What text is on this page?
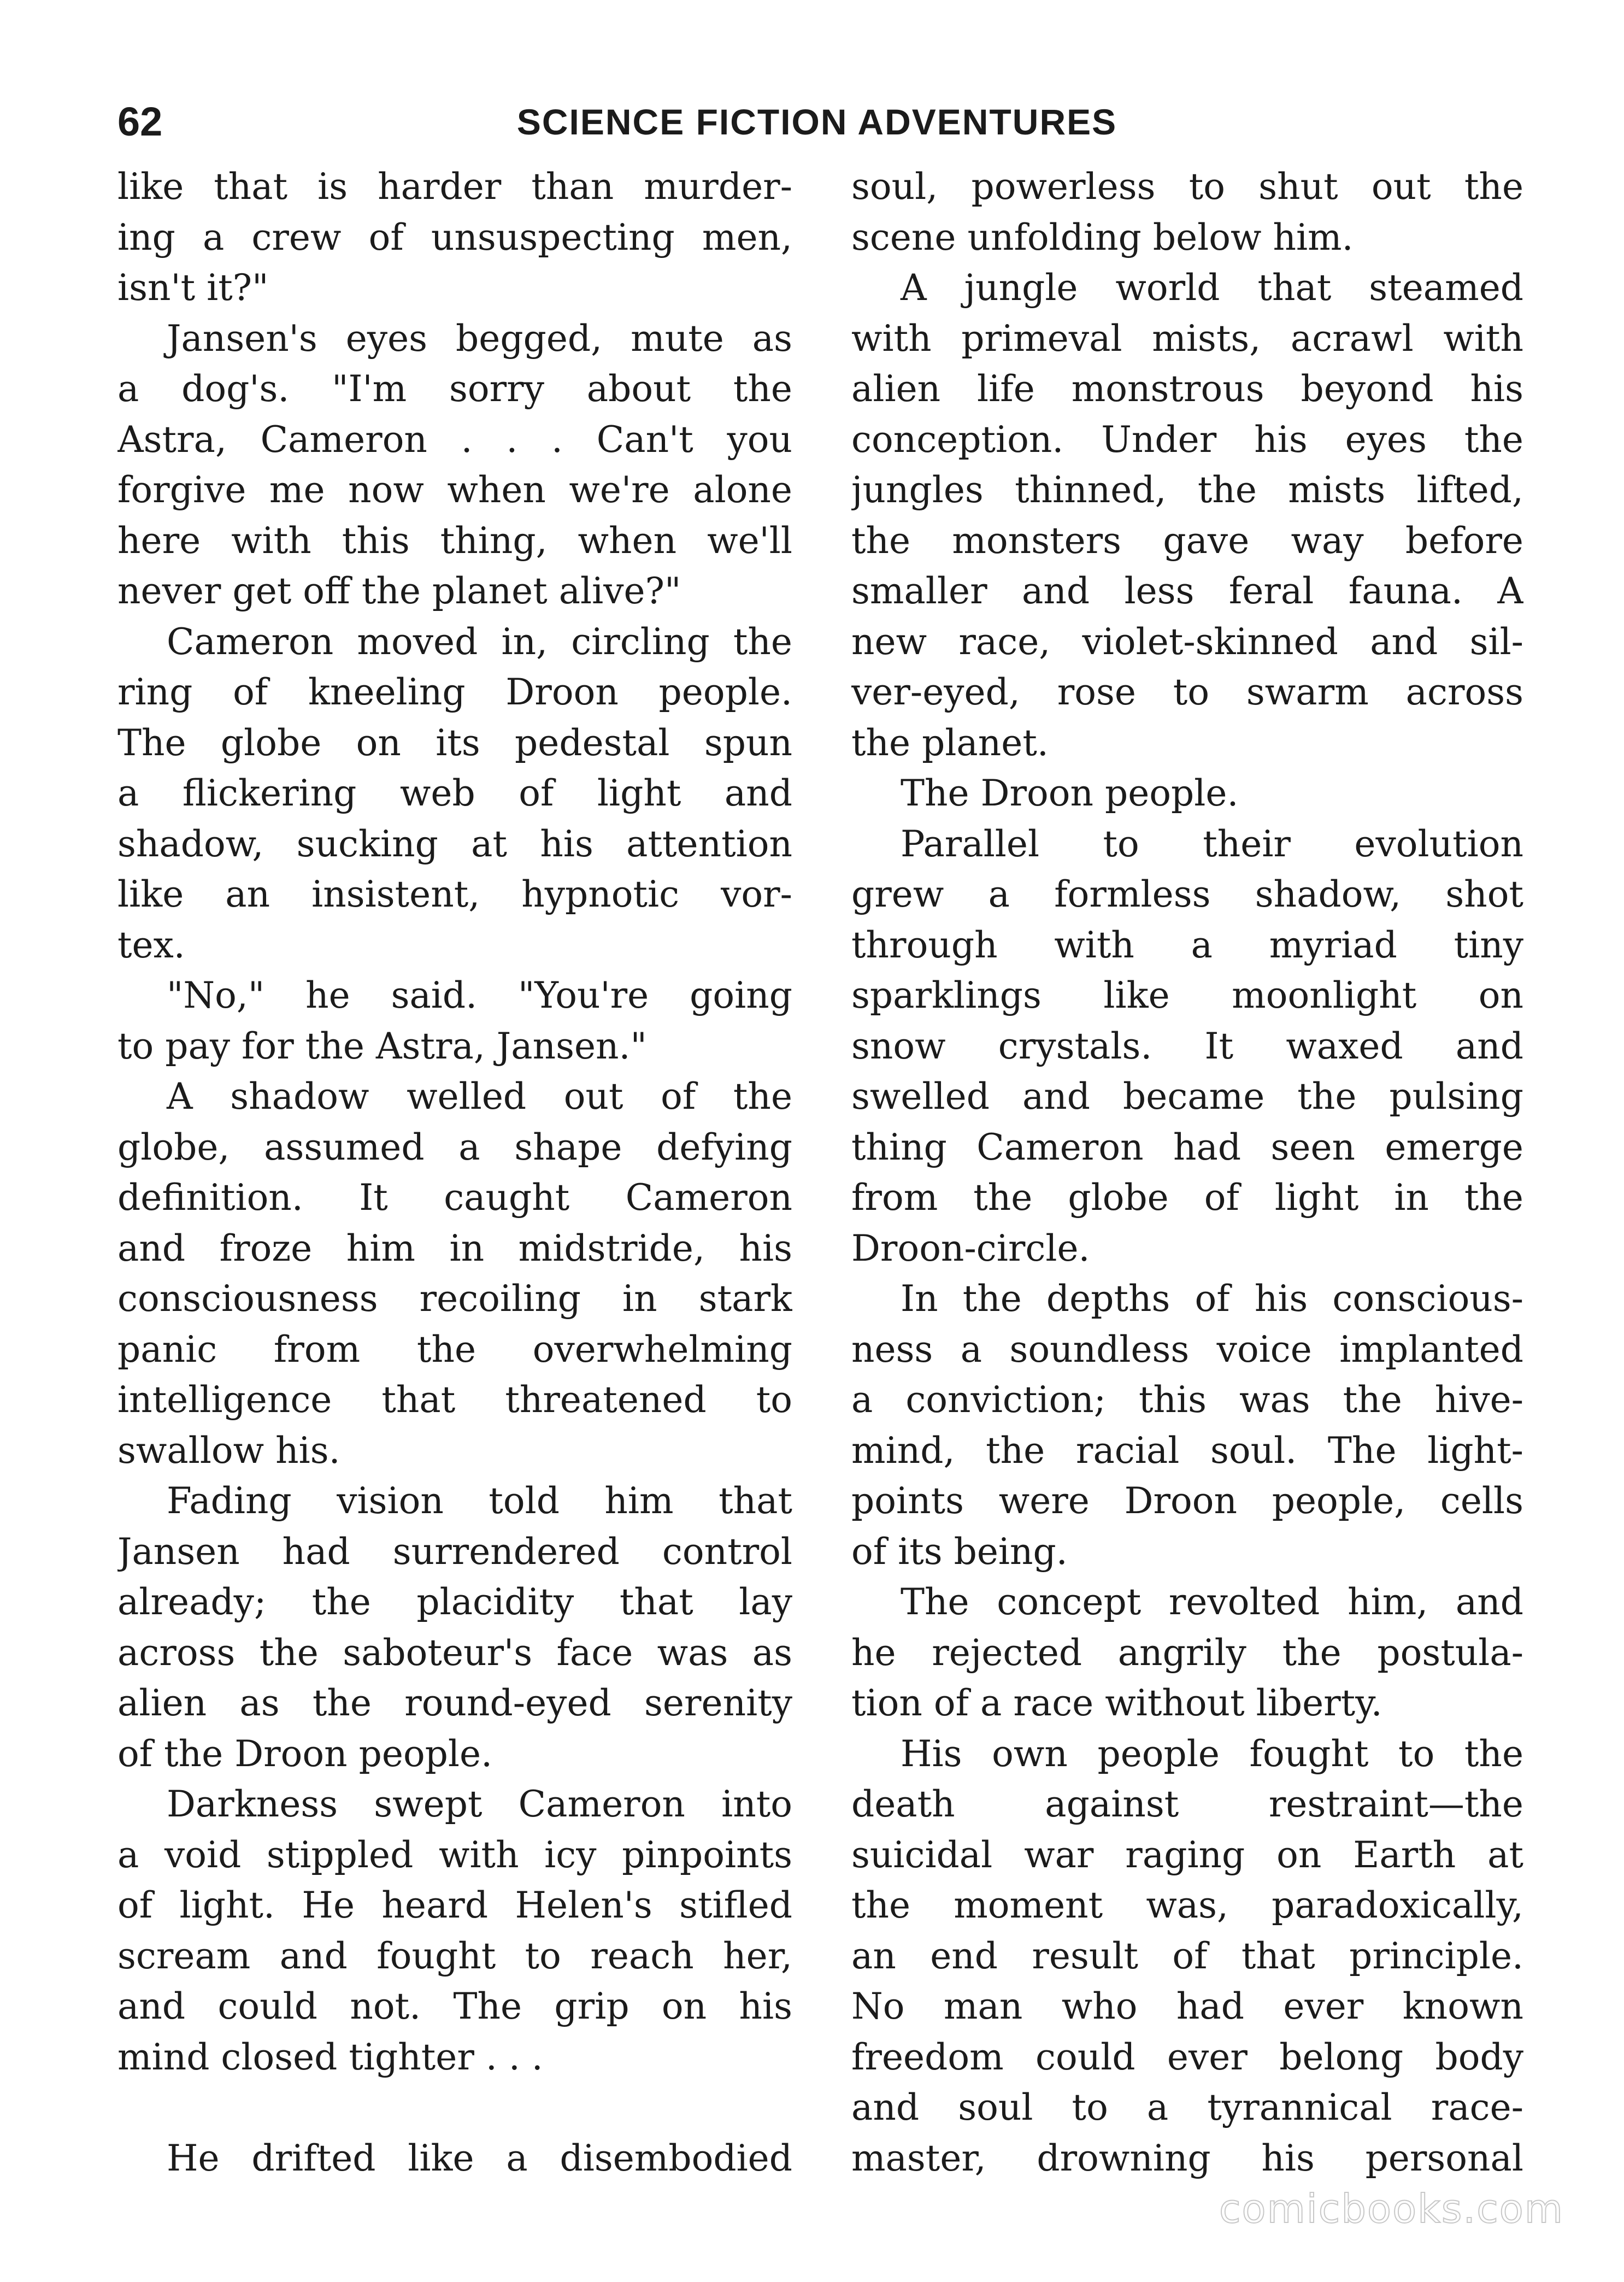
62	SCIENCE FICTION ADVENTURES
like that is harder than murder-
ing a crew of unsuspecting men,
isn't it?"
Jansen's eyes begged, mute as
a dog's. "I'm sorry about the
Astra, Cameron . . . Can't you
forgive me now when we're alone
here with this thing, when we'll
never get off the planet alive?"
Cameron moved in, circling the
ring of kneeling Droon people.
The globe on its pedestal spun
a flickering web of light and
shadow, sucking at his attention
like an insistent, hypnotic vor-
tex.
"No," he said. "You're going
to pay for the Astra, Jansen."
A shadow welled out of the
globe, assumed a shape defying
definition. It caught Cameron
and froze him in midstride, his
consciousness recoiling in stark
panic from the overwhelming
intelligence that threatened to
swallow his.
Fading vision told him that
Jansen had surrendered control
already; the placidity that lay
across the saboteur's face was as
alien as the round-eyed serenity
of the Droon people.
Darkness swept Cameron into
a void stippled with icy pinpoints
of light. He heard Helen's stifled
scream and fought to reach her,
and could not. The grip on his
mind closed tighter . . .
He drifted like a disembodied
soul, powerless to shut out the
scene unfolding below him.
A jungle world that steamed
with primeval mists, acrawl with
alien life monstrous beyond his
conception. Under his eyes the
jungles thinned, the mists lifted,
the monsters gave way before
smaller and less feral fauna. A
new race, violet-skinned and sil-
ver-eyed, rose to swarm across
the planet.
The Droon people.
Parallel to their evolution
grew a formless shadow, shot
through with a myriad tiny
sparklings like moonlight on
snow crystals. It waxed and
swelled and became the pulsing
thing Cameron had seen emerge
from the globe of light in the
Droon-circle.
In the depths of his conscious-
ness a soundless voice implanted
a conviction; this was the hive-
mind, the racial soul. The light-
points were Droon people, cells
of its being.
The concept revolted him, and
he rejected angrily the postula-
tion of a race without liberty.
His own people fought to the
death against restraint—the
suicidal war raging on Earth at
the moment was, paradoxically,
an end result of that principle.
No man who had ever known
freedom could ever belong body
and soul to a tyrannical race-
master, drowning his personal
comicbooks.com
